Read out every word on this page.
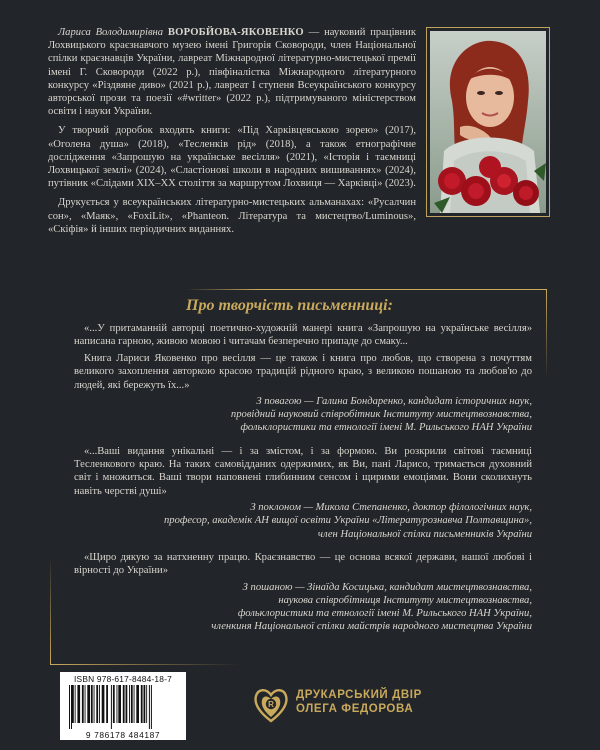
Лариса Володимирівна ВОРОБЙОВА-ЯКОВЕНКО — науковий працівник Лохвицького краєзнавчого музею імені Григорія Сковороди, член Національної спілки краєзнавців України, лавреат Міжнародної літературно-мистецької премії імені Г. Сковороди (2022 р.), півфіналістка Міжнародного літературного конкурсу «Різдвяне диво» (2021 р.), лавреат I ступеня Всеукраїнського конкурсу авторської прози та поезії «#writter» (2022 р.), підтримуваного міністерством освіти і науки України.

У творчий доробок входять книги: «Під Харківцевською зорею» (2017), «Оголена душа» (2018), «Тесленків рід» (2018), а також етнографічне дослідження «Запрошую на українське весілля» (2021), «Історія і таємниці Лохвицької землі» (2024), «Сластіонові школи в народних вишиваннях» (2024), путівник «Слідами XIX–XX століття за маршрутом Лохвиця — Харківці» (2023).

Друкується у всеукраїнських літературно-мистецьких альманахах: «Русалчин сон», «Маяк», «FoxiLit», «Phanteon. Література та мистецтво/Luminous», «Скіфія» й інших періодичних виданнях.

Про творчість письменниці:

«...У притаманній авторці поетично-художній манері книга «Запрошую на українське весілля» написана гарною, живою мовою і читачам безперечно припаде до смаку...

Книга Лариси Яковенко про весілля — це також і книга про любов, що створена з почуттям великого захоплення авторкою красою традицій рідного краю, з великою пошаною та любов'ю до людей, які бережуть їх...»

З повагою — Галина Бондаренко, кандидат історичних наук,
провідний науковий співробітник Інституту мистецтвознавства,
фольклористики та етнології імені М. Рильського НАН України

«...Ваші видання унікальні — і за змістом, і за формою. Ви розкрили світові таємниці Тесленкового краю. На таких самовідданих одержимих, як Ви, пані Ларисо, тримається духовний світ і множиться. Ваші твори наповнені глибинним сенсом і щирими емоціями. Вони сколихнуть навіть черстві душі»

З поклоном — Микола Степаненко, доктор філологічних наук,
професор, академік АН вищої освіти України «Літературознавча Полтавщина»,
член Національної спілки письменників України

«Щиро дякую за натхненну працю. Краєзнавство — це основа всякої держави, нашої любові і вірності до України»

З пошаною — Зінаїда Косицька, кандидат мистецтвознавства,
наукова співробітниця Інституту мистецтвознавства,
фольклористики та етнології імені М. Рильського НАН України,
членкиня Національної спілки майстрів народного мистецтва України
ISBN 978-617-8484-18-7
9 786178 484187
R
ДРУКАРСЬКИЙ ДВІР
ОЛЕГА ФЕДОРОВА
